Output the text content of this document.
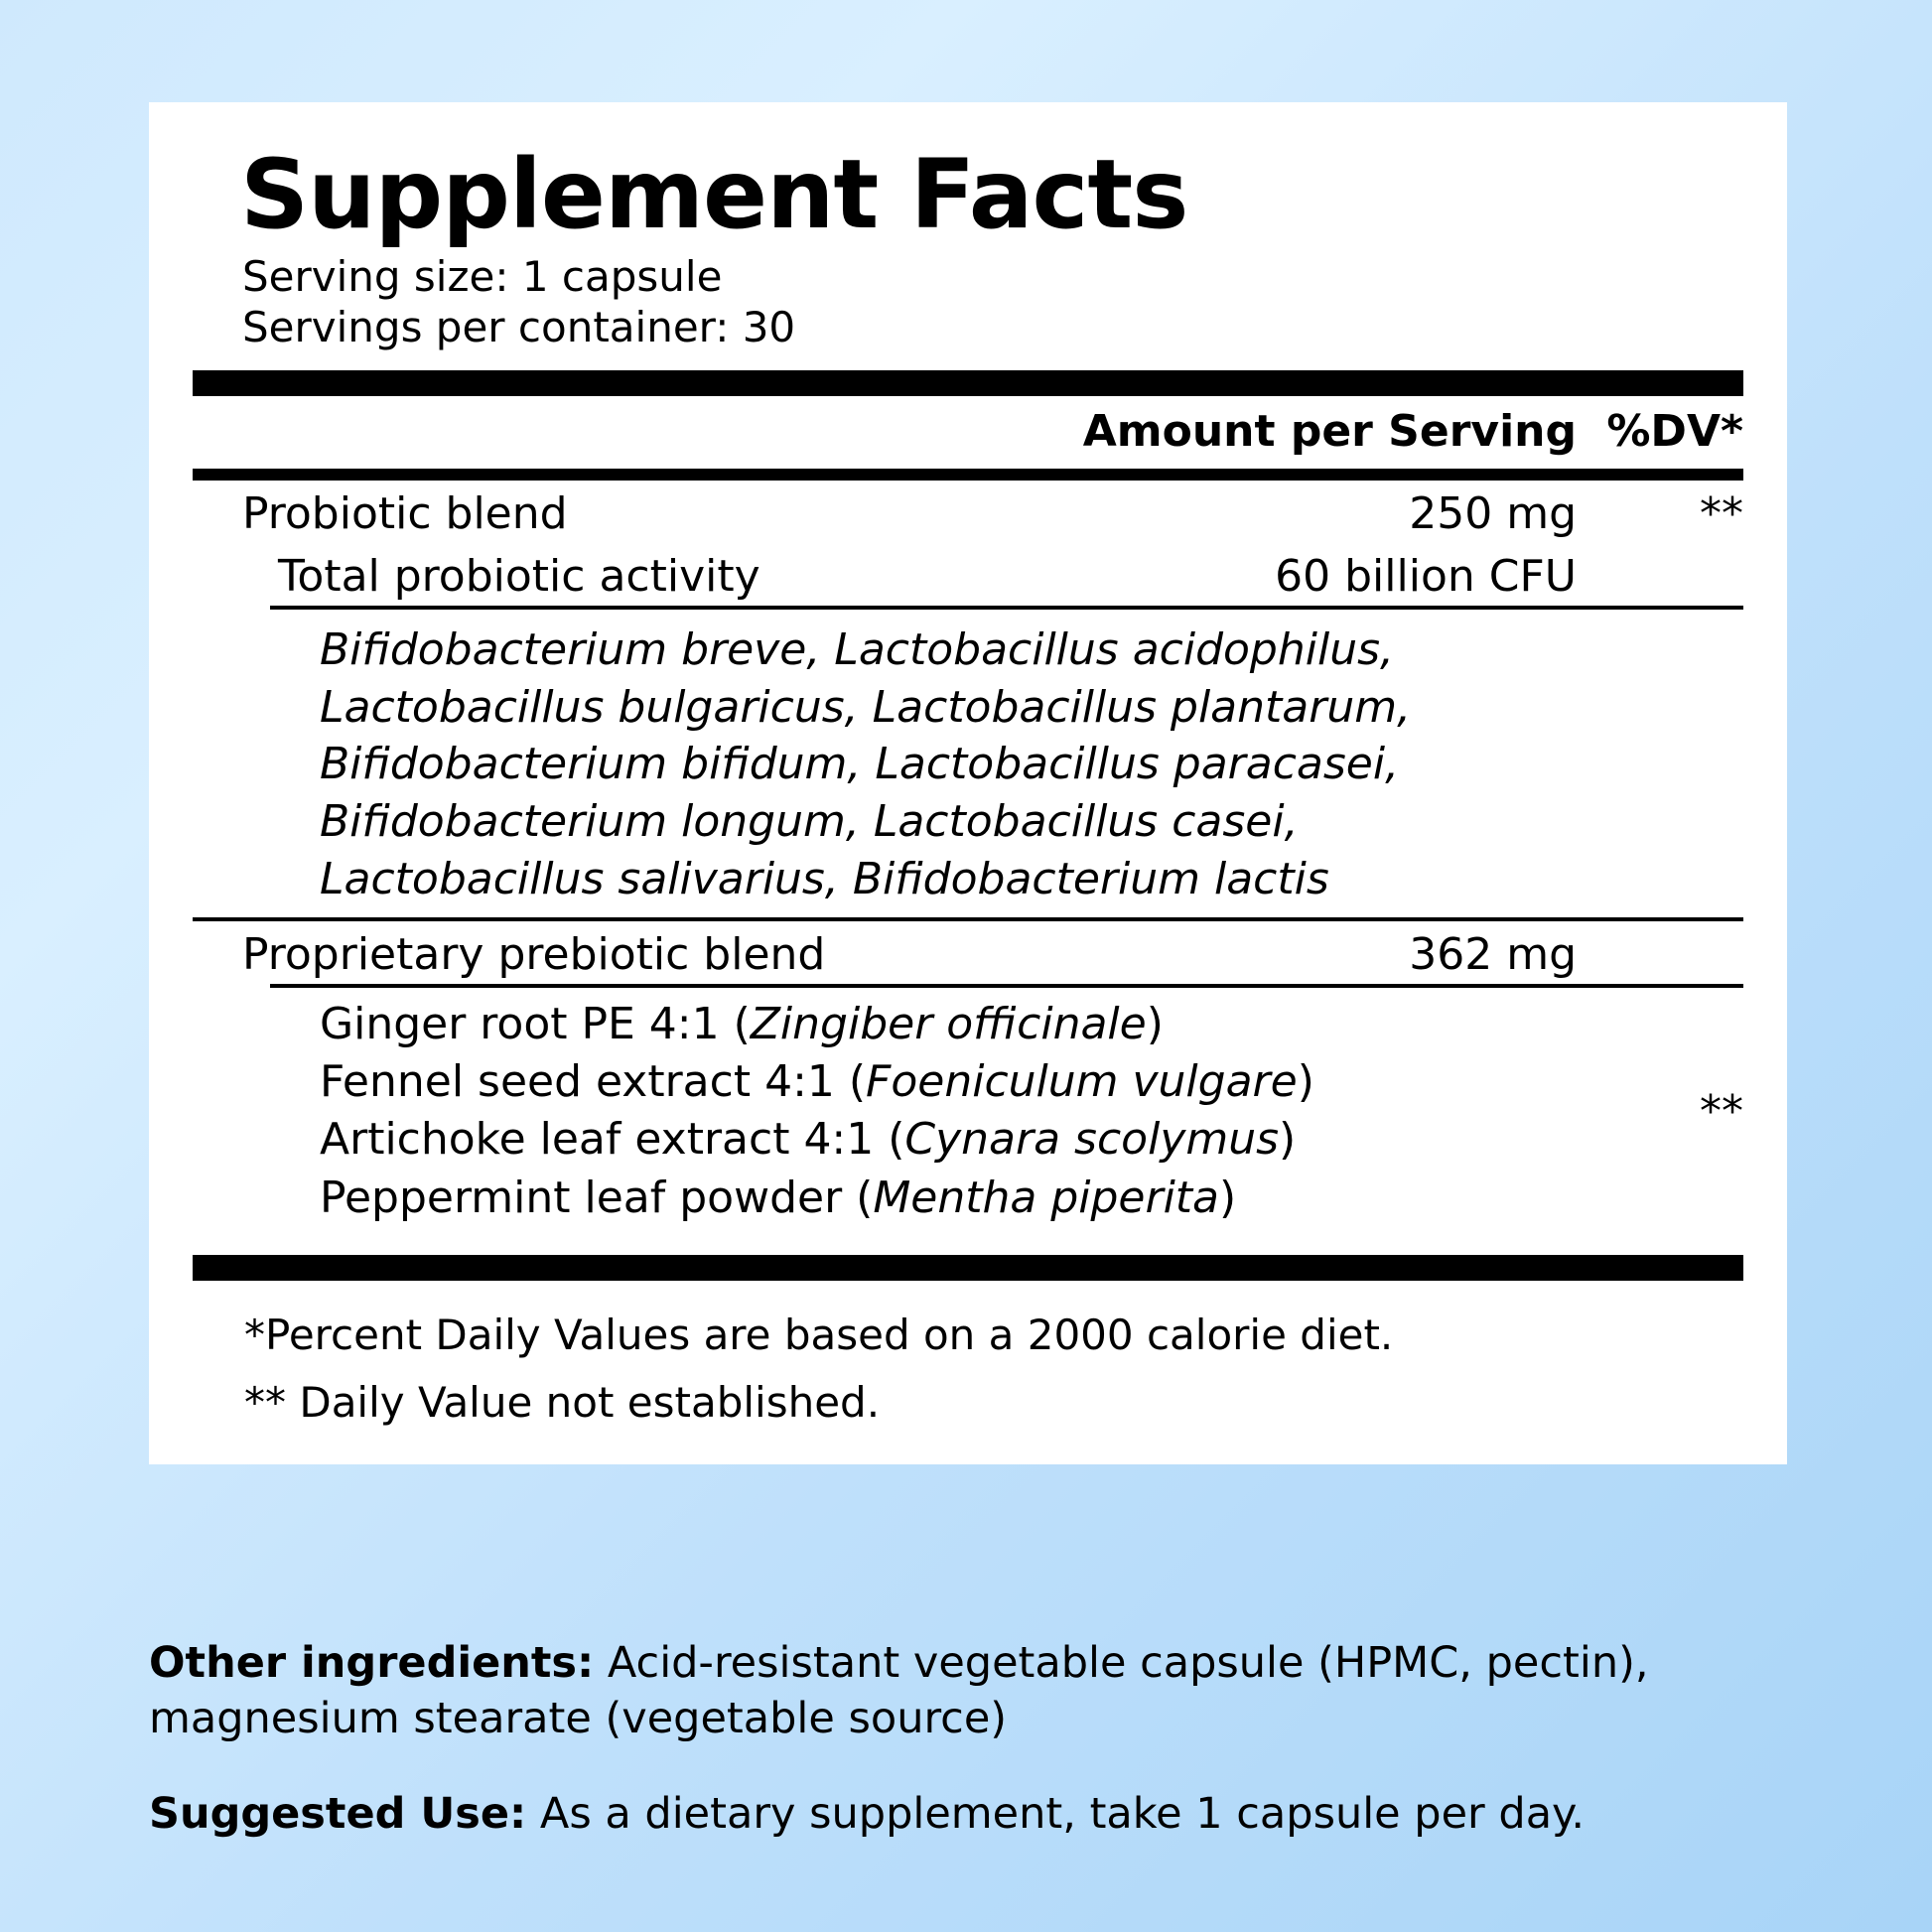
Supplement Facts
Serving size: 1 capsule
Servings per container: 30
Amount per Serving %DV*
Probiotic blend	250 mg	**
Total probiotic activity	60 billion CFU
Bifidobacterium breve, Lactobacillus acidophilus, Lactobacillus bulgaricus, Lactobacillus plantarum, Bifidobacterium bifidum, Lactobacillus paracasei, Bifidobacterium longum, Lactobacillus casei, Lactobacillus salivarius, Bifidobacterium lactis
Proprietary prebiotic blend	362 mg
Ginger root PE 4:1 (Zingiber officinale)
Fennel seed extract 4:1 (Foeniculum vulgare)
Artichoke leaf extract 4:1 (Cynara scolymus)
Peppermint leaf powder (Mentha piperita)
**
*Percent Daily Values are based on a 2000 calorie diet.
** Daily Value not established.
Other ingredients: Acid-resistant vegetable capsule (HPMC, pectin), magnesium stearate (vegetable source)
Suggested Use: As a dietary supplement, take 1 capsule per day.
